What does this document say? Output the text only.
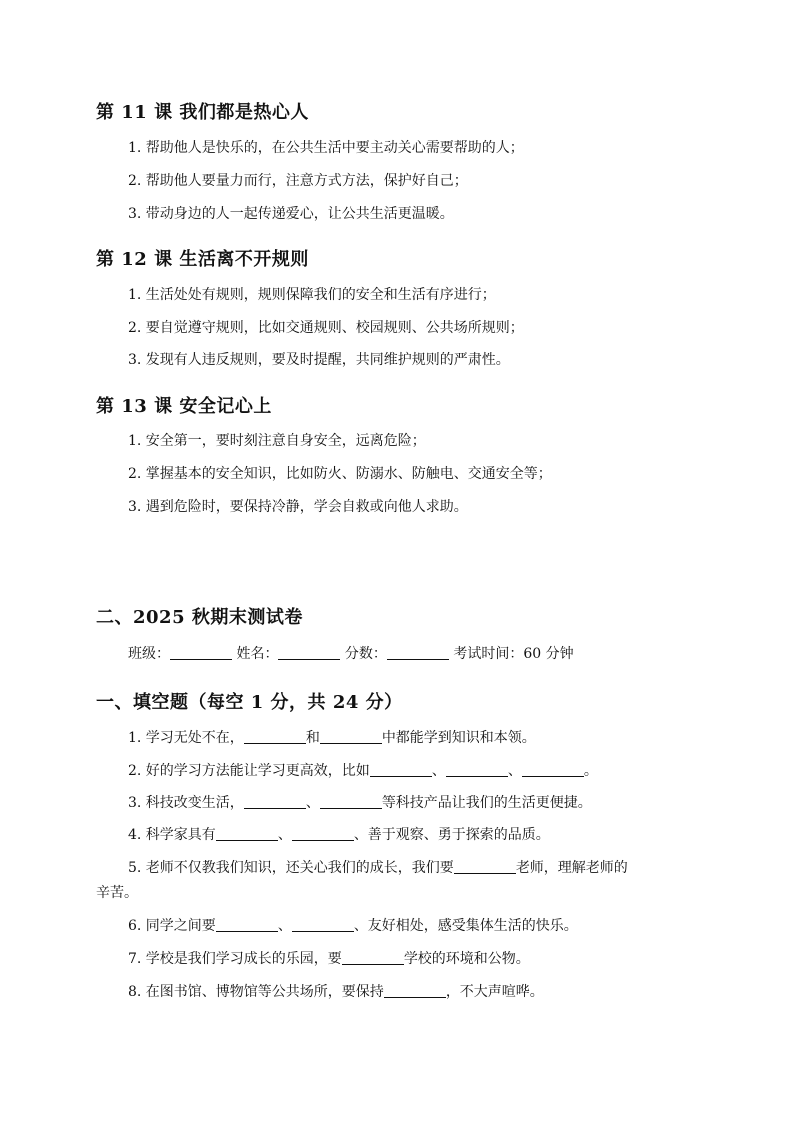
第 11 课 我们都是热心人
1. 帮助他人是快乐的，在公共生活中要主动关心需要帮助的人；
2. 帮助他人要量力而行，注意方式方法，保护好自己；
3. 带动身边的人一起传递爱心，让公共生活更温暖。
第 12 课 生活离不开规则
1. 生活处处有规则，规则保障我们的安全和生活有序进行；
2. 要自觉遵守规则，比如交通规则、校园规则、公共场所规则；
3. 发现有人违反规则，要及时提醒，共同维护规则的严肃性。
第 13 课 安全记心上
1. 安全第一，要时刻注意自身安全，远离危险；
2. 掌握基本的安全知识，比如防火、防溺水、防触电、交通安全等；
3. 遇到危险时，要保持冷静，学会自救或向他人求助。
二、2025 秋期末测试卷
班级：	姓名：	分数：	考试时间：60 分钟
一、填空题（每空 1 分，共 24 分）
1. 学习无处不在，	和	中都能学到知识和本领。
2. 好的学习方法能让学习更高效，比如	、	、	。
3. 科技改变生活，	、	等科技产品让我们的生活更便捷。
4. 科学家具有	、	、善于观察、勇于探索的品质。
5. 老师不仅教我们知识，还关心我们的成长，我们要	老师，理解老师的
辛苦。
6. 同学之间要	、	、友好相处，感受集体生活的快乐。
7. 学校是我们学习成长的乐园，要	学校的环境和公物。
8. 在图书馆、博物馆等公共场所，要保持	，不大声喧哗。
